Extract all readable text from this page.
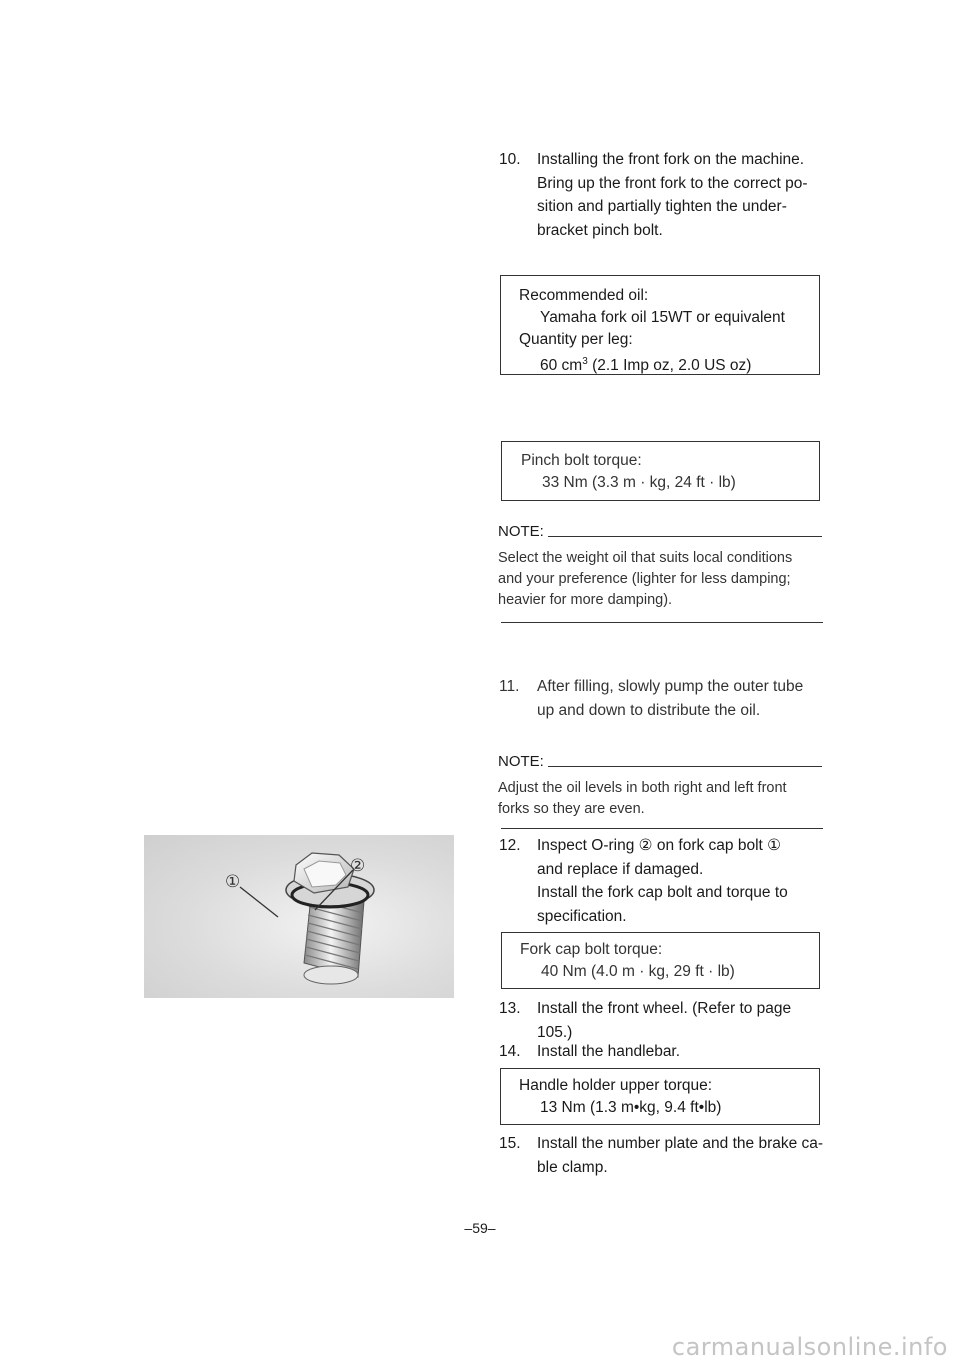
10.	Installing the front fork on the machine.
Bring up the front fork to the correct po-
sition and partially tighten the under-
bracket pinch bolt.
Recommended oil:
Yamaha fork oil 15WT or equivalent
Quantity per leg:
60 $cm^3$ (2.1 Imp oz, 2.0 US oz)
Pinch bolt torque:
33 Nm (3.3 m · kg, 24 ft · lb)
NOTE:
Select the weight oil that suits local conditions
and your preference (lighter for less damping;
heavier for more damping).
11.	After filling, slowly pump the outer tube
up and down to distribute the oil.
NOTE:
Adjust the oil levels in both right and left front
forks so they are even.
12.	Inspect O-ring ② on fork cap bolt ①
and replace if damaged.
Install the fork cap bolt and torque to
specification.
Fork cap bolt torque:
40 Nm (4.0 m · kg, 29 ft · lb)
13.	Install the front wheel. (Refer to page
105.)
14.	Install the handlebar.
Handle holder upper torque:
13 Nm (1.3 m•kg, 9.4 ft•lb)
15.	Install the number plate and the brake ca-
ble clamp.
①
②
–59–
carmanualsonline.info
